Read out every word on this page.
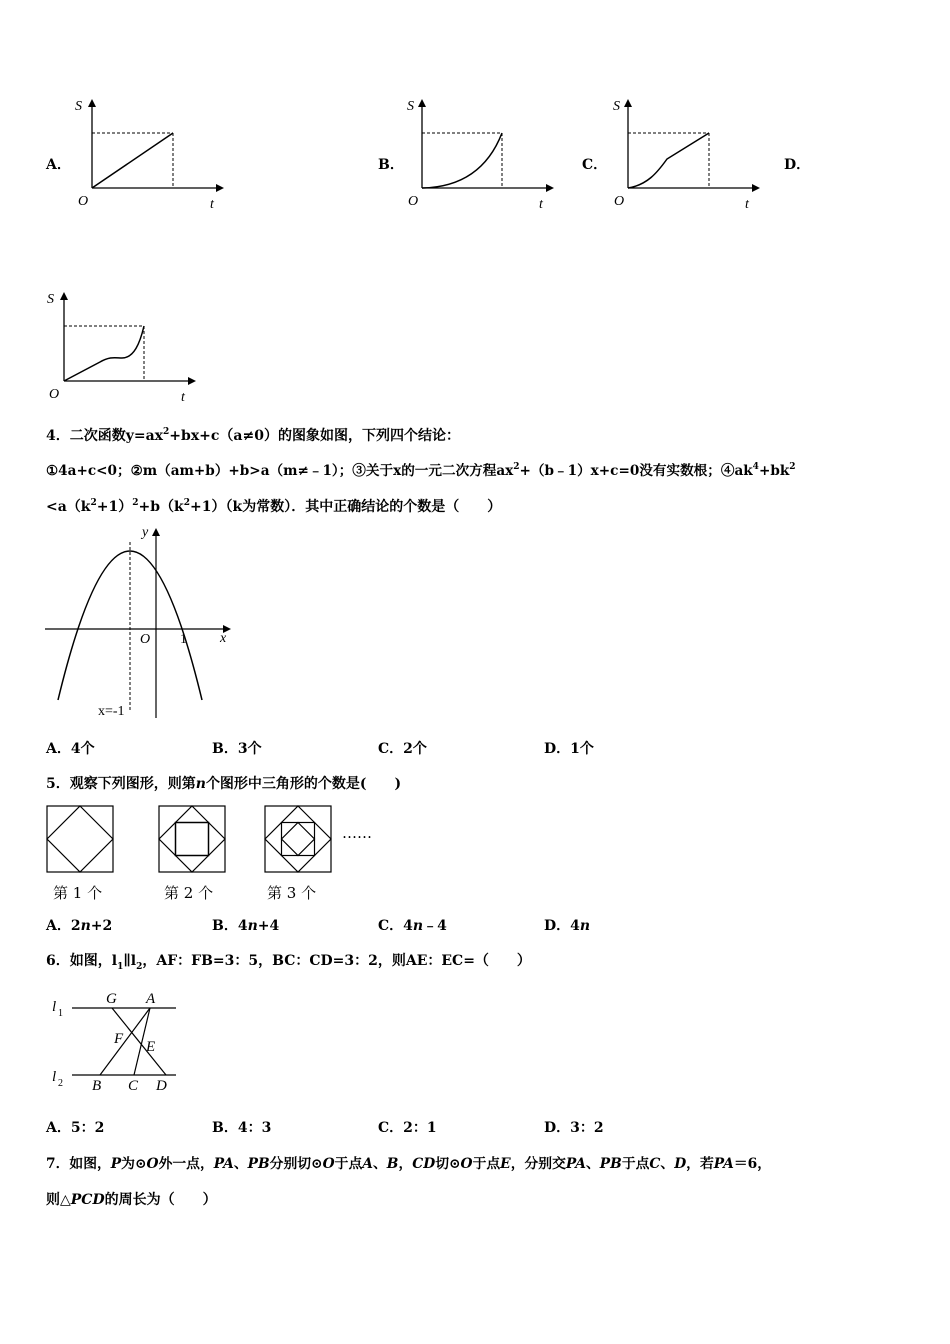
A．
S
O	t
B．
S
O	t
C．
S
O	t
D．
S
O	t
4．二次函数$y=ax^2+bx+c(a\ne 0)$的图象如图，下列四个结论：
①4a+c<0；②m（am+b）+b>a（m≠﹣1）；③关于x的一元二次方程$ax^2+(b﹣1)x+c=0$没有实数根；$④ak^4+bk^2$
$<a(k^2+1)^2+b(k^2+1)(k$为常数）．其中正确结论的个数是（　　）
y
x
O 1
x=-1
A．4个	B．3个	C．2个	D．1个
5．观察下列图形，则第n个图形中三角形的个数是(　　)
……
第 1 个	第 2 个	第 3 个
A．2n+2	B．4n+4	C．4n﹣4	D．4n
6．如图，$l_1\parallel l_2$，AF：FB=3：5，BC：CD=3：2，则AE：EC=（　　）
l 1
l 2
G A
F E
B C D
A．5：2	B．4：3	C．2：1	D．3：2
7．如图，P为⊙O外一点，PA、PB分别切⊙O于点A、B，CD切⊙O于点E，分别交PA、PB于点C、D，若PA＝6，
则△PCD的周长为（　　）
